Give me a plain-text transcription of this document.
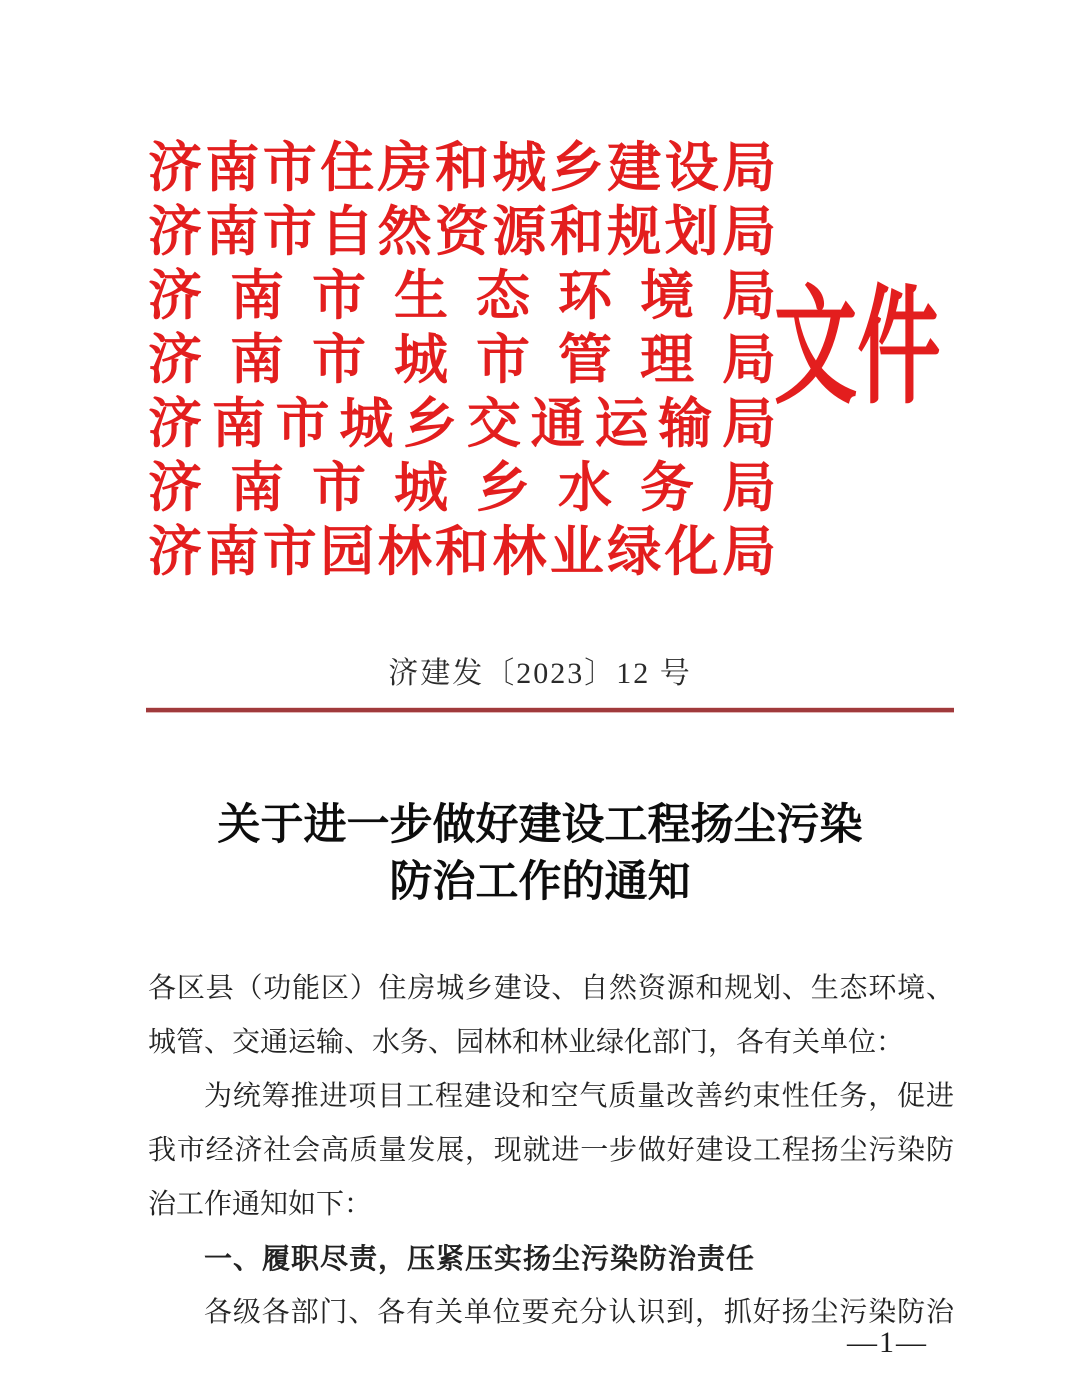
济南市住房和城乡建设局
济南市自然资源和规划局
济南市生态环境局
济南市城市管理局
济南市城乡交通运输局
济南市城乡水务局
济南市园林和林业绿化局
文件
济建发〔2023〕12 号
关于进一步做好建设工程扬尘污染
防治工作的通知
各区县（功能区）住房城乡建设、自然资源和规划、生态环境、
城管、交通运输、水务、园林和林业绿化部门，各有关单位：
为统筹推进项目工程建设和空气质量改善约束性任务，促进
我市经济社会高质量发展，现就进一步做好建设工程扬尘污染防
治工作通知如下：
一、履职尽责，压紧压实扬尘污染防治责任
各级各部门、各有关单位要充分认识到，抓好扬尘污染防治
—1—
